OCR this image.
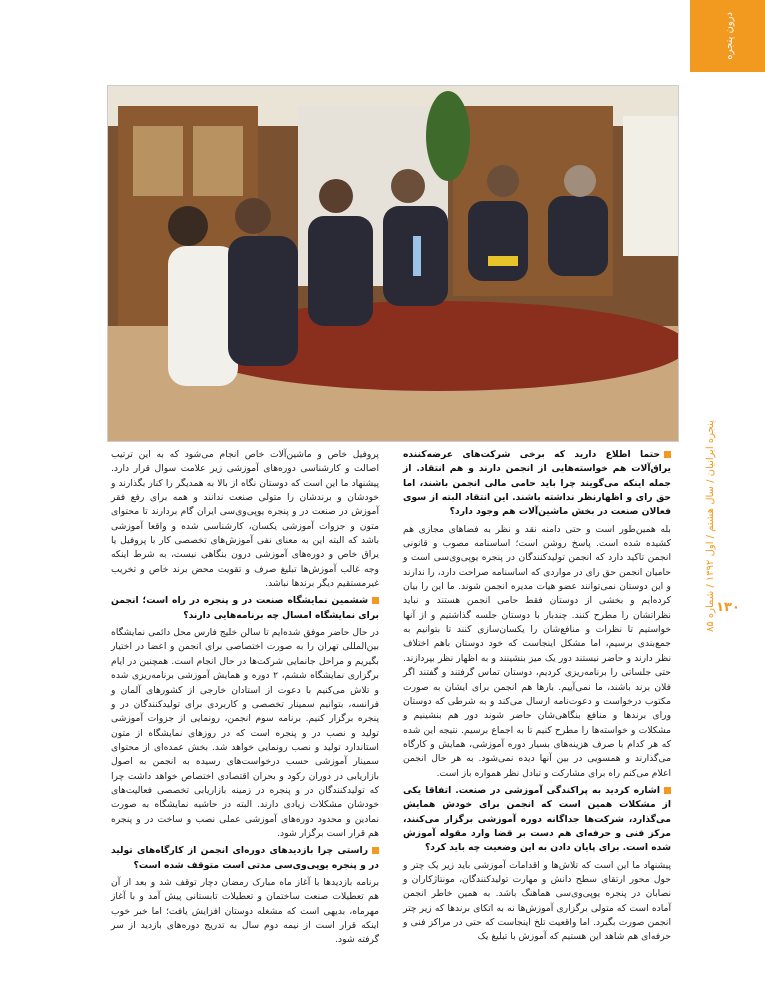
درون پنجره
پنجره ایرانیان / سال هشتم / اول ۱۳۹۲ / شماره ۸۵
۱۳۰

حتما اطلاع دارید که برخی شرکت‌های عرضه‌کننده یراق‌آلات هم خواسته‌هایی از انجمن دارند و هم انتقاد. از جمله اینکه می‌گویند چرا باید حامی مالی انجمن باشند، اما حق رای و اظهارنظر نداشته باشند. این انتقاد البته از سوی فعالان صنعت در بخش ماشین‌آلات هم وجود دارد؟

بله همین‌طور است و حتی دامنه نقد و نظر به فضاهای مجازی هم کشیده شده است. پاسخ روشن است؛ اساسنامه مصوب و قانونی انجمن تاکید دارد که انجمن تولیدکنندگان در پنجره یوپی‌وی‌سی است و حامیان انجمن حق رای در مواردی که اساسنامه صراحت دارد، را ندارند و این دوستان نمی‌توانند عضو هیات مدیره انجمن شوند. ما این را بیان کرده‌ایم و بخشی از دوستان فقط حامی انجمن هستند و نباید نظراتشان را مطرح کنند. چندبار با دوستان جلسه گذاشتیم و از آنها خواستیم تا نظرات و منافع‌شان را یکسان‌سازی کنند تا بتوانیم به جمع‌بندی برسیم، اما مشکل اینجاست که خود دوستان باهم اختلاف نظر دارند و حاضر نیستند دور یک میز بنشینند و به اظهار نظر بپردازند. حتی جلساتی را برنامه‌ریزی کردیم، دوستان تماس گرفتند و گفتند اگر فلان برند باشند، ما نمی‌آییم. بارها هم انجمن برای ایشان به صورت مکتوب درخواست و دعوت‌نامه ارسال می‌کند و به شرطی که دوستان ورای برندها و منافع بنگاهی‌شان حاضر شوند دور هم بنشینیم و مشکلات و خواسته‌ها را مطرح کنیم تا به اجماع برسیم. نتیجه این شده که هر کدام با صرف هزینه‌های بسیار دوره آموزشی، همایش و کارگاه می‌گذارند و همسویی در بین آنها دیده نمی‌شود. به هر حال انجمن اعلام می‌کنم راه برای مشارکت و تبادل نظر همواره باز است.

اشاره کردید به پراکندگی آموزشی در صنعت. اتفاقا یکی از مشکلات همین است که انجمن برای خودش همایش می‌گذارد، شرکت‌ها جداگانه دوره آموزشی برگزار می‌کنند، مرکز فنی و حرفه‌ای هم دست بر قضا وارد مقوله آموزش شده است. برای پایان دادن به این وضعیت چه باید کرد؟

پیشنهاد ما این است که تلاش‌ها و اقدامات آموزشی باید زیر یک چتر و حول محور ارتقای سطح دانش و مهارت تولیدکنندگان، مونتاژکاران و نصابان در پنجره یوپی‌وی‌سی هماهنگ باشد. به همین خاطر انجمن آماده است که متولی برگزاری آموزش‌ها نه به اتکای برندها که زیر چتر انجمن صورت بگیرد. اما واقعیت تلخ اینجاست که حتی در مراکز فنی و حرفه‌ای هم شاهد این هستیم که آموزش با تبلیغ یک

پروفیل خاص و ماشین‌آلات خاص انجام می‌شود که به این ترتیب اصالت و کارشناسی دوره‌های آموزشی زیر علامت سوال قرار دارد. پیشنهاد ما این است که دوستان نگاه از بالا به همدیگر را کنار بگذارند و خودشان و برندشان را متولی صنعت ندانند و همه برای رفع فقر آموزش در صنعت در و پنجره یوپی‌وی‌سی ایران گام بردارند تا محتوای متون و جزوات آموزشی یکسان، کارشناسی شده و واقعا آموزشی باشد که البته این به معنای نفی آموزش‌های تخصصی کار با پروفیل یا یراق خاص و دوره‌های آموزشی درون بنگاهی نیست، به شرط اینکه وجه غالب آموزش‌ها تبلیغ صرف و تقویت محض برند خاص و تخریب غیرمستقیم دیگر برندها نباشد.

ششمین نمایشگاه صنعت در و پنجره در راه است؛ انجمن برای نمایشگاه امسال چه برنامه‌هایی دارند؟

در حال حاضر موفق شده‌ایم تا سالن خلیج فارس محل دائمی نمایشگاه بین‌المللی تهران را به صورت اختصاصی برای انجمن و اعضا در اختیار بگیریم و مراحل جانمایی شرکت‌ها در حال انجام است. همچنین در ایام برگزاری نمایشگاه ششم، ۲ دوره و همایش آموزشی برنامه‌ریزی شده و تلاش می‌کنیم با دعوت از استادان خارجی از کشورهای آلمان و فرانسه، بتوانیم سمینار تخصصی و کاربردی برای تولیدکنندگان در و پنجره برگزار کنیم. برنامه سوم انجمن، رونمایی از جزوات آموزشی تولید و نصب در و پنجره است که در روزهای نمایشگاه از متون استاندارد تولید و نصب رونمایی خواهد شد. بخش عمده‌ای از محتوای سمینار آموزشی حسب درخواست‌های رسیده به انجمن به اصول بازاریابی در دوران رکود و بحران اقتصادی اختصاص خواهد داشت چرا که تولیدکنندگان در و پنجره در زمینه بازاریابی تخصصی فعالیت‌های خودشان مشکلات زیادی دارند. البته در حاشیه نمایشگاه به صورت نمادین و محدود دوره‌های آموزشی عملی نصب و ساخت در و پنجره هم قرار است برگزار شود.

راستی چرا بازدیدهای دوره‌ای انجمن از کارگاه‌های تولید در و پنجره یوپی‌وی‌سی مدتی است متوقف شده است؟

برنامه بازدیدها با آغاز ماه مبارک رمضان دچار توقف شد و بعد از آن هم تعطیلات صنعت ساختمان و تعطیلات تابستانی پیش آمد و با آغاز مهرماه، بدیهی است که مشغله دوستان افزایش یافت؛ اما خبر خوب اینکه قرار است از نیمه دوم سال به تدریج دوره‌های بازدید از سر گرفته شود.
